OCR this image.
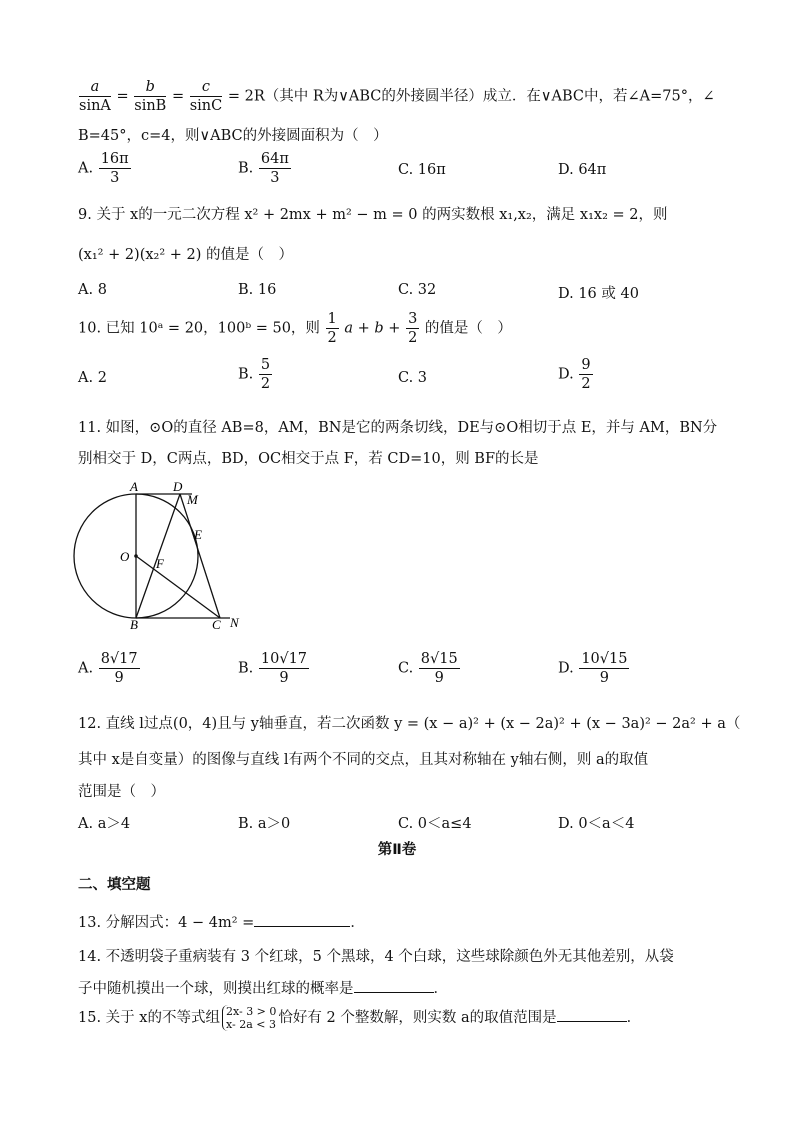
$\frac{a}{\sin A} = \frac{b}{\sin B} = \frac{c}{\sin C} = 2R$（其中 R为∨ABC的外接圆半径）成立．在∨ABC中，若∠A=75°，∠
B=45°，c=4，则∨ABC的外接圆面积为（　）
A. $\frac{16\pi}{3}$	B. $\frac{64\pi}{3}$	C. 16π	D. 64π
9. 关于 x的一元二次方程 x² + 2mx + m² − m = 0 的两实数根 x₁,x₂，满足 x₁x₂ = 2，则
(x₁² + 2)(x₂² + 2) 的值是（　）
A. 8	B. 16	C. 32	D. 16 或 40
10. 已知 10ᵃ = 20，100ᵇ = 50，则 $\frac{1}{2}$ $a + b + \frac{3}{2}$ 的值是（　）
A. 2	B. $\frac{5}{2}$	C. 3	D. $\frac{9}{2}$
11. 如图，⊙O的直径 AB=8，AM，BN是它的两条切线，DE与⊙O相切于点 E，并与 AM，BN分
别相交于 D，C两点，BD，OC相交于点 F，若 CD=10，则 BF的长是
A	D
M
E
O F
B	C N
A. $\frac{8√17}{9}$	B. $\frac{10√17}{9}$	C. $\frac{8√15}{9}$	D. $\frac{10√15}{9}$
12. 直线 l过点(0，4)且与 y轴垂直，若二次函数 y = (x − a)² + (x − 2a)² + (x − 3a)² − 2a² + a（
其中 x是自变量）的图像与直线 l有两个不同的交点，且其对称轴在 y轴右侧，则 a的取值
范围是（　）
A. a＞4	B. a＞0	C. 0＜a≤4	D. 0＜a＜4
第Ⅱ卷
二、填空题
13. 分解因式：4 − 4m² =	．
14. 不透明袋子重病装有 3 个红球，5 个黑球，4 个白球，这些球除颜色外无其他差别，从袋
子中随机摸出一个球，则摸出红球的概率是	．
15. 关于 x的不等式组 2x- 3 > 0
x- 2a < 3 恰好有 2 个整数解，则实数 a的取值范围是	．
